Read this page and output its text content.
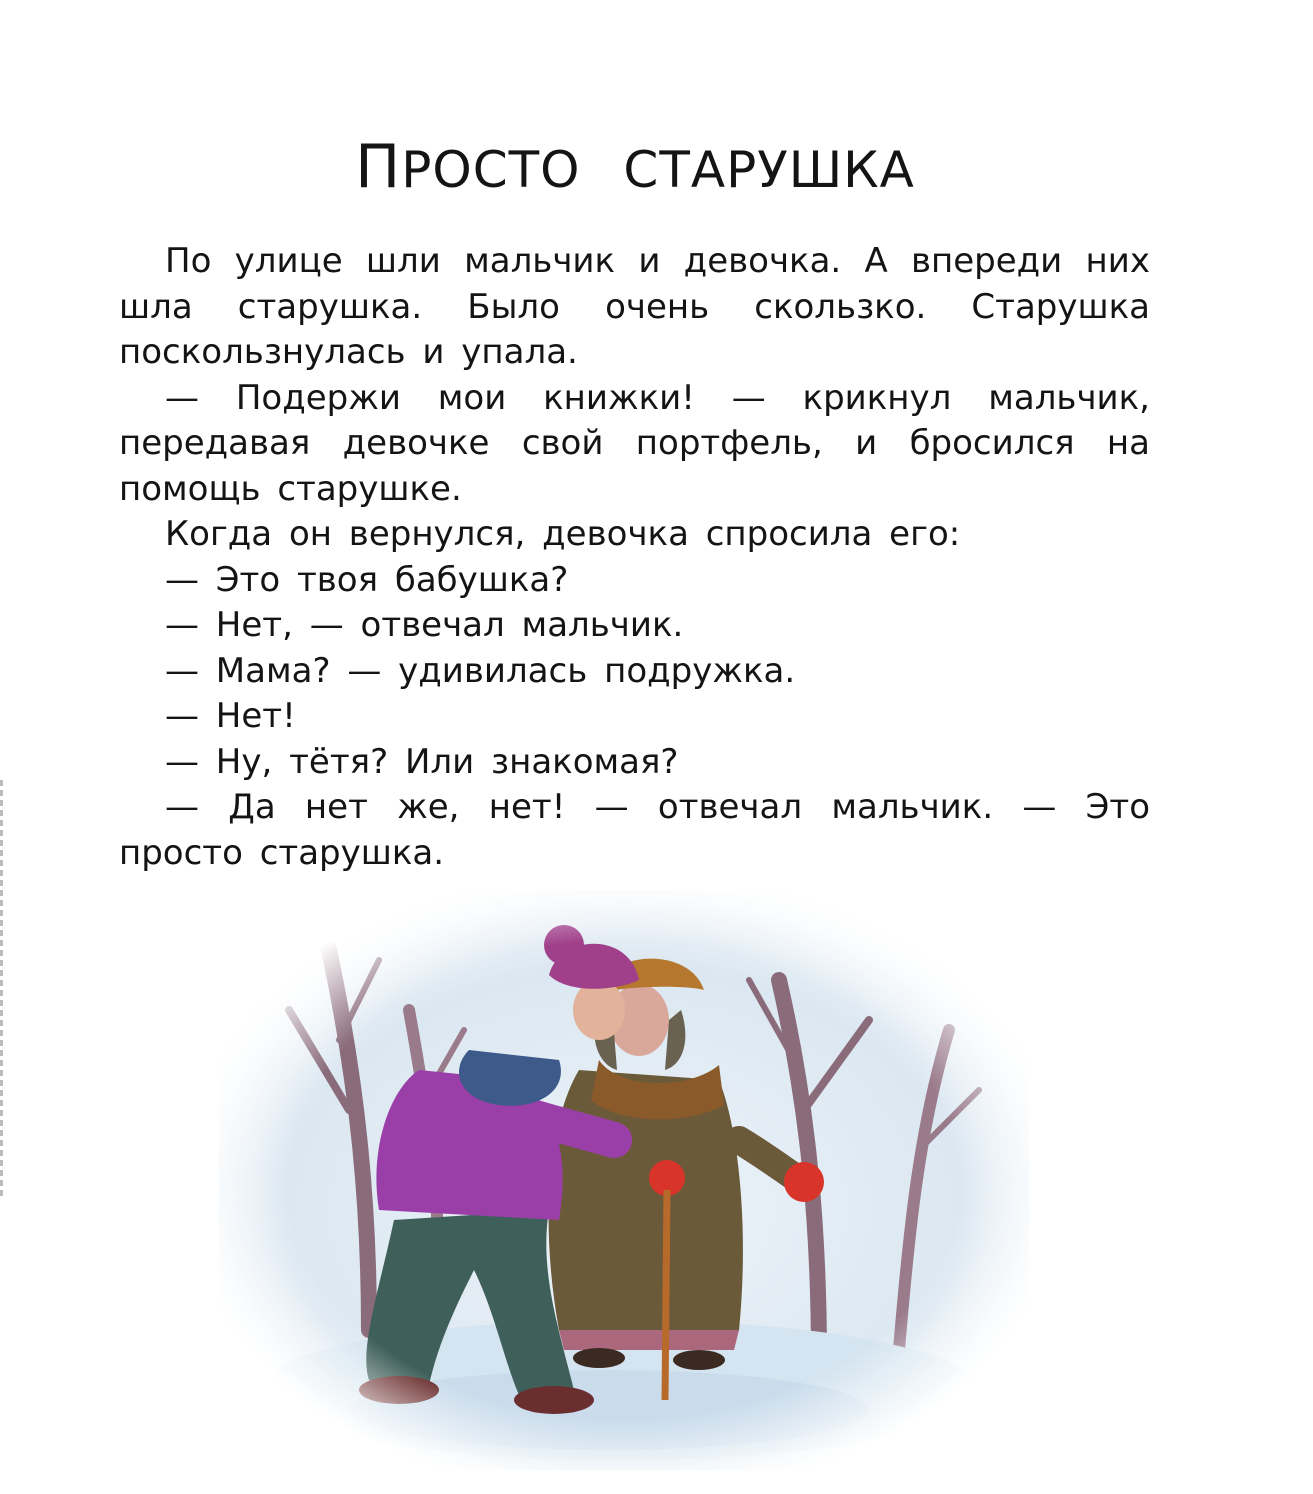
ПРОСТО СТАРУШКА

По улице шли мальчик и девочка. А впереди них шла старушка. Было очень скользко. Старушка поскользнулась и упала.

— Подержи мои книжки! — крикнул мальчик, передавая девочке свой портфель, и бросился на помощь старушке.

Когда он вернулся, девочка спросила его:

— Это твоя бабушка?

— Нет, — отвечал мальчик.

— Мама? — удивилась подружка.

— Нет!

— Ну, тётя? Или знакомая?

— Да нет же, нет! — отвечал мальчик. — Это просто старушка.
